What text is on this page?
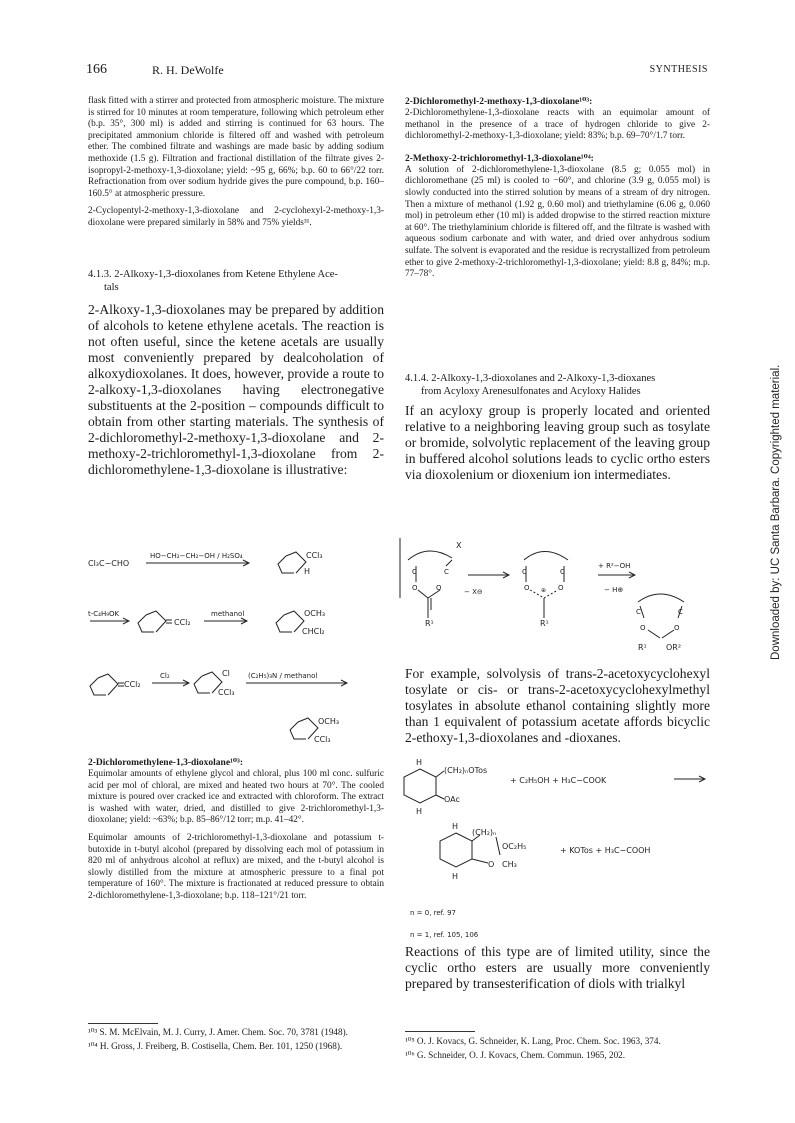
166	R. H. DeWolfe	SYNTHESIS
Downloaded by: UC Santa Barbara. Copyrighted material.

flask fitted with a stirrer and protected from atmospheric moisture. The mixture is stirred for 10 minutes at room temperature, following which petroleum ether (b.p. 35°, 300 ml) is added and stirring is continued for 63 hours. The precipitated ammonium chloride is filtered off and washed with petroleum ether. The combined filtrate and washings are made basic by adding sodium methoxide (1.5 g). Filtration and fractional distillation of the filtrate gives 2-isopropyl-2-methoxy-1,3-dioxolane; yield: ~95 g, 66%; b.p. 60 to 66°/22 torr. Refractionation from over sodium hydride gives the pure compound, b.p. 160–160.5° at atmospheric pressure.

2-Cyclopentyl-2-methoxy-1,3-dioxolane and 2-cyclohexyl-2-methoxy-1,3-dioxolane were prepared similarly in 58% and 75% yields³¹.

4.1.3. 2-Alkoxy-1,3-dioxolanes from Ketene Ethylene Ace-
tals

2-Alkoxy-1,3-dioxolanes may be prepared by addition of alcohols to ketene ethylene acetals. The reaction is not often useful, since the ketene acetals are usually most conveniently prepared by dealcoholation of alkoxydioxolanes. It does, however, provide a route to 2-alkoxy-1,3-dioxolanes having electronegative substituents at the 2-position – compounds difficult to obtain from other starting materials. The synthesis of 2-dichloromethyl-2-methoxy-1,3-dioxolane and 2-methoxy-2-trichloromethyl-1,3-dioxolane from 2-dichloromethylene-1,3-dioxolane is illustrative:

Cl₃C−CHO
HO−CH₂−CH₂−OH / H₂SO₄	CCl₃
H
t-C₄H₉OK
CCl₂
methanol	OCH₃
CHCl₂
CCl₂
Cl₂	Cl
CCl₃
(C₂H₅)₃N / methanol
OCH₃
CCl₃

2-Dichloromethylene-1,3-dioxolane¹⁰³:

Equimolar amounts of ethylene glycol and chloral, plus 100 ml conc. sulfuric acid per mol of chloral, are mixed and heated two hours at 70°. The cooled mixture is poured over cracked ice and extracted with chloroform. The extract is washed with water, dried, and distilled to give 2-trichloromethyl-1,3-dioxolane; yield: ~63%; b.p. 85–86°/12 torr; m.p. 41–42°.

Equimolar amounts of 2-trichloromethyl-1,3-dioxolane and potassium t-butoxide in t-butyl alcohol (prepared by dissolving each mol of potassium in 820 ml of anhydrous alcohol at reflux) are mixed, and the t-butyl alcohol is slowly distilled from the mixture at atmospheric pressure to a final pot temperature of 160°. The mixture is fractionated at reduced pressure to obtain 2-dichloromethylene-1,3-dioxolane; b.p. 118–121°/21 torr.

¹⁰³ S. M. McElvain, M. J. Curry, J. Amer. Chem. Soc. 70, 3781 (1948).

¹⁰⁴ H. Gross, J. Freiberg, B. Costisella, Chem. Ber. 101, 1250 (1968).

2-Dichloromethyl-2-methoxy-1,3-dioxolane¹⁰³:

2-Dichloromethylene-1,3-dioxolane reacts with an equimolar amount of methanol in the presence of a trace of hydrogen chloride to give 2-dichloromethyl-2-methoxy-1,3-dioxolane; yield: 83%; b.p. 69–70°/1.7 torr.

2-Methoxy-2-trichloromethyl-1,3-dioxolane¹⁰⁴:

A solution of 2-dichloromethylene-1,3-dioxolane (8.5 g; 0.055 mol) in dichloromethane (25 ml) is cooled to −60°, and chlorine (3.9 g, 0.055 mol) is slowly conducted into the stirred solution by means of a stream of dry nitrogen. Then a mixture of methanol (1.92 g, 0.60 mol) and triethylamine (6.06 g, 0.060 mol) in petroleum ether (10 ml) is added dropwise to the stirred reaction mixture at 60°. The triethylaminium chloride is filtered off, and the filtrate is washed with aqueous sodium carbonate and with water, and dried over anhydrous sodium sulfate. The solvent is evaporated and the residue is recrystallized from petroleum ether to give 2-methoxy-2-trichloromethyl-1,3-dioxolane; yield: 8.8 g, 84%; m.p. 77–78°.

4.1.4. 2-Alkoxy-1,3-dioxolanes and 2-Alkoxy-1,3-dioxanes
from Acyloxy Arenesulfonates and Acyloxy Halides

If an acyloxy group is properly located and oriented relative to a neighboring leaving group such as tosylate or bromide, solvolytic replacement of the leaving group in buffered alcohol solutions leads to cyclic ortho esters via dioxolenium or dioxenium ion intermediates.

X
C	C
O	O
R¹
− X⊖
C	C
O	O
⊕
R¹
+ R²−OH
− H⊕
C	C
O	O
R¹ OR²

For example, solvolysis of trans-2-acetoxycyclohexyl tosylate or cis- or trans-2-acetoxycyclohexylmethyl tosylates in absolute ethanol containing slightly more than 1 equivalent of potassium acetate affords bicyclic 2-ethoxy-1,3-dioxolanes and -dioxanes.

H
(CH₂)ₙOTos
OAc
H
+ C₂H₅OH + H₃C−COOK
H
(CH₂)ₙ
OC₂H₅
CH₃
O
H
+ KOTos + H₃C−COOH
n = 0, ref. 97
n = 1, ref. 105, 106

Reactions of this type are of limited utility, since the cyclic ortho esters are usually more conveniently prepared by transesterification of diols with trialkyl

¹⁰⁵ O. J. Kovacs, G. Schneider, K. Lang, Proc. Chem. Soc. 1963, 374.

¹⁰⁶ G. Schneider, O. J. Kovacs, Chem. Commun. 1965, 202.
